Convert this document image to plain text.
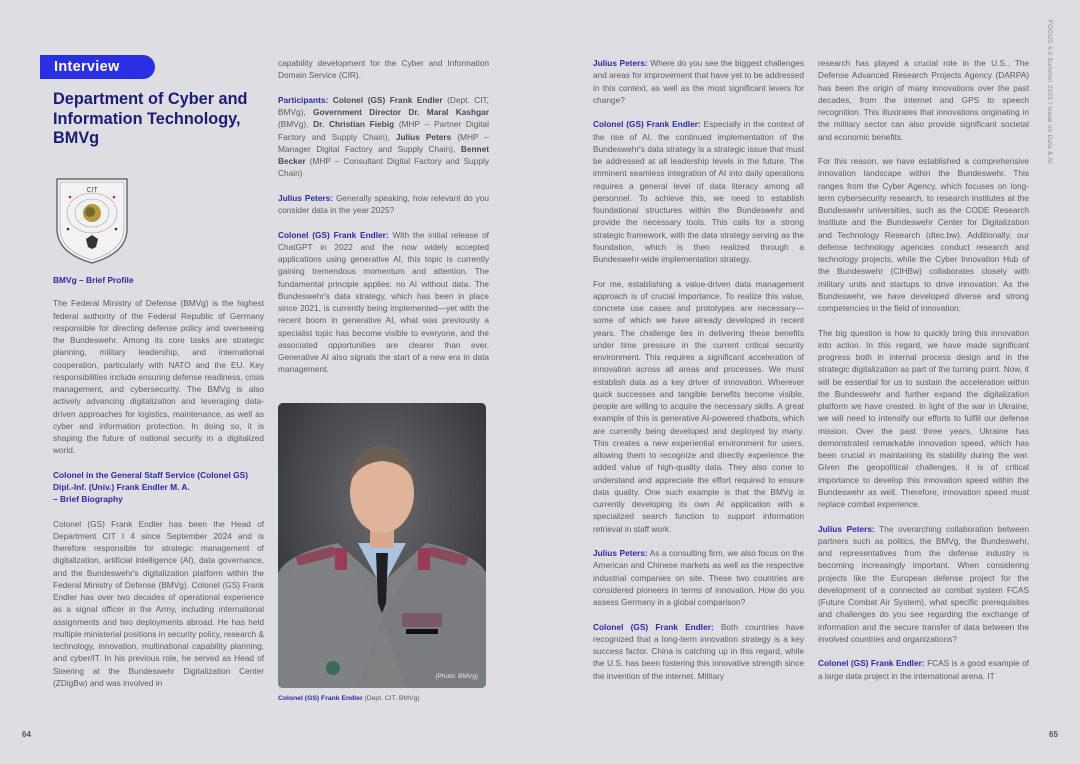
Interview
Department of Cyber and Information Technology, BMVg
CIT
BMVg – Brief Profile

The Federal Ministry of Defense (BMVg) is the highest federal authority of the Federal Republic of Germany responsible for directing defense policy and overseeing the Bundeswehr. Among its core tasks are strategic planning, military leadership, and international cooperation, particularly with NATO and the EU. Key responsibilities include ensuring defense readiness, crisis management, and cybersecurity. The BMVg is also actively advancing digitalization and leveraging data-driven approaches for logistics, maintenance, as well as cyber and information protection. In doing so, it is shaping the future of national security in a digitalized world.

Colonel in the General Staff Service (Colonel GS)
Dipl.-Inf. (Univ.) Frank Endler M. A.
– Brief Biography

Colonel (GS) Frank Endler has been the Head of Department CIT I 4 since September 2024 and is therefore responsible for strategic management of digitalization, artificial intelligence (AI), data governance, and the Bundeswehr's digitalization platform within the Federal Ministry of Defense (BMVg). Colonel (GS) Frank Endler has over two decades of operational experience as a signal officer in the Army, including international assignments and two deployments abroad. He has held multiple ministerial positions in security policy, research & technology, innovation, multinational capability planning, and cyber/IT. In his previous role, he served as Head of Steering at the Bundeswehr Digitalization Center (ZDigBw) and was involved in

capability development for the Cyber and Information Domain Service (CIR).

Participants: Colonel (GS) Frank Endler (Dept. CIT, BMVg), Government Director Dr. Maral Kashgar (BMVg), Dr. Christian Fiebig (MHP – Partner Digital Factory and Supply Chain), Julius Peters (MHP – Manager Digital Factory and Supply Chain), Bennet Becker (MHP – Consultant Digital Factory and Supply Chain)

Julius Peters: Generally speaking, how relevant do you consider data in the year 2025?

Colonel (GS) Frank Endler: With the initial release of ChatGPT in 2022 and the now widely accepted applications using generative AI, this topic is currently gaining tremendous momentum and attention. The fundamental principle applies: no AI without data. The Bundeswehr's data strategy, which has been in place since 2021, is currently being implemented—yet with the recent boom in generative AI, what was previously a specialist topic has become visible to everyone, and the associated opportunities are clearer than ever. Generative AI also signals the start of a new era in data management.

(Photo: BMVg)
Colonel (GS) Frank Endler (Dept. CIT, BMVg)
64

Julius Peters: Where do you see the biggest challenges and areas for improvement that have yet to be addressed in this context, as well as the most significant levers for change?

Colonel (GS) Frank Endler: Especially in the context of the rise of AI, the continued implementation of the Bundeswehr's data strategy is a strategic issue that must be addressed at all leadership levels in the future. The imminent seamless integration of AI into daily operations requires a general level of data literacy among all personnel. To achieve this, we need to establish foundational structures within the Bundeswehr and provide the necessary tools. This calls for a strong strategic framework, with the data strategy serving as the foundation, which is then realized through a Bundeswehr-wide implementation strategy.

For me, establishing a value-driven data management approach is of crucial importance. To realize this value, concrete use cases and prototypes are necessary—some of which we have already developed in recent years. The challenge lies in delivering these benefits under time pressure in the current critical security environment. This requires a significant acceleration of innovation across all areas and processes. We must establish data as a key driver of innovation. Wherever quick successes and tangible benefits become visible, people are willing to acquire the necessary skills. A great example of this is generative AI-powered chatbots, which are currently being developed and deployed by many. This creates a new experiential environment for users, allowing them to recognize and directly experience the added value of high-quality data. They also come to understand and appreciate the effort required to ensure data quality. One such example is that the BMVg is currently developing its own AI application with a specialized search function to support information retrieval in staff work.

Julius Peters: As a consulting firm, we also focus on the American and Chinese markets as well as the respective industrial companies on site. These two countries are considered pioneers in terms of innovation. How do you assess Germany in a global comparison?

Colonel (GS) Frank Endler: Both countries have recognized that a long-term innovation strategy is a key success factor. China is catching up in this regard, while the U.S. has been fostering this innovative strength since the invention of the internet. Military

research has played a crucial role in the U.S.. The Defense Advanced Research Projects Agency (DARPA) has been the origin of many innovations over the past decades, from the internet and GPS to speech recognition. This illustrates that innovations originating in the military sector can also provide significant societal and economic benefits.

For this reason, we have established a comprehensive innovation landscape within the Bundeswehr. This ranges from the Cyber Agency, which focuses on long-term cybersecurity research, to research institutes at the Bundeswehr universities, such as the CODE Research Institute and the Bundeswehr Center for Digitalization and Technology Research (dtec.bw). Additionally, our defense technology agencies conduct research and technology projects, while the Cyber Innovation Hub of the Bundeswehr (CIHBw) collaborates closely with military units and startups to drive innovation. As the Bundeswehr, we have developed diverse and strong competencies in the field of innovation.

The big question is how to quickly bring this innovation into action. In this regard, we have made significant progress both in internal process design and in the strategic digitalization as part of the turning point. Now, it will be essential for us to sustain the acceleration within the Bundeswehr and further expand the digitalization platform we have created. In light of the war in Ukraine, we will need to intensify our efforts to fulfill our defense mission. Over the past three years, Ukraine has demonstrated remarkable innovation speed, which has been crucial in maintaining its stability during the war. Given the geopolitical challenges, it is of critical importance to develop this innovation speed within the Bundeswehr as well. Therefore, innovation speed must replace combat experience.

Julius Peters: The overarching collaboration between partners such as politics, the BMVg, the Bundeswehr, and representatives from the defense industry is becoming increasingly important. When considering projects like the European defense project for the development of a connected air combat system FCAS (Future Combat Air System), what specific prerequisites and challenges do you see regarding the exchange of information and the secure transfer of data between the involved countries and organizations?

Colonel (GS) Frank Endler: FCAS is a good example of a large data project in the international arena. IT

65
FOCUS 4.0 Summer 2025 / Issue on Data & AI
